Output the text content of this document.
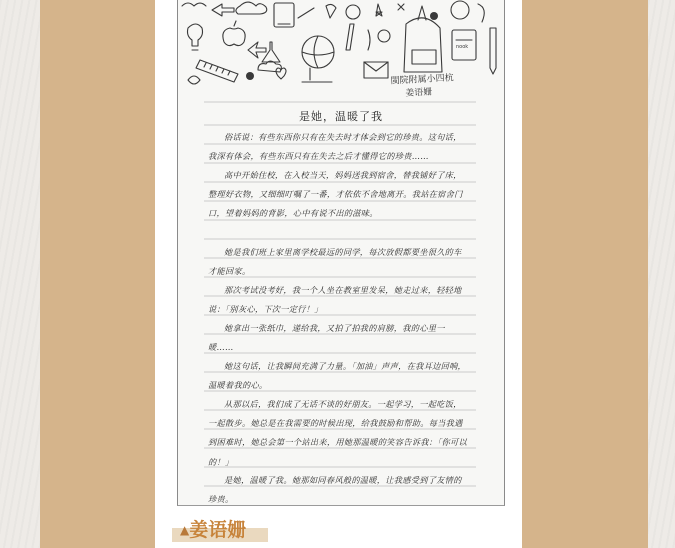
nook
閩院附属小四杭
姜语姗
是她，温暖了我
俗话说：有些东西你只有在失去时才体会到它的珍贵。这句话，我深有体会，有些东西只有在失去之后才懂得它的珍贵……
高中开始住校，在入校当天，妈妈送我到宿舍，替我铺好了床，整理好衣物，又细细叮嘱了一番，才依依不舍地离开。我站在宿舍门口，望着妈妈的背影，心中有说不出的滋味。
她是我们班上家里离学校最远的同学，每次放假都要坐很久的车才能回家。
那次考试没考好，我一个人坐在教室里发呆，她走过来，轻轻地说：「别灰心，下次一定行！」
她拿出一张纸巾，递给我，又拍了拍我的肩膀，我的心里一暖……
她这句话，让我瞬间充满了力量。「加油」声声，在我耳边回响，温暖着我的心。
从那以后，我们成了无话不谈的好朋友。一起学习，一起吃饭，一起散步。她总是在我需要的时候出现，给我鼓励和帮助。每当我遇到困难时，她总会第一个站出来，用她那温暖的笑容告诉我：「你可以的！」
是她，温暖了我。她那如同春风般的温暖，让我感受到了友情的珍贵。
▲姜语姗
